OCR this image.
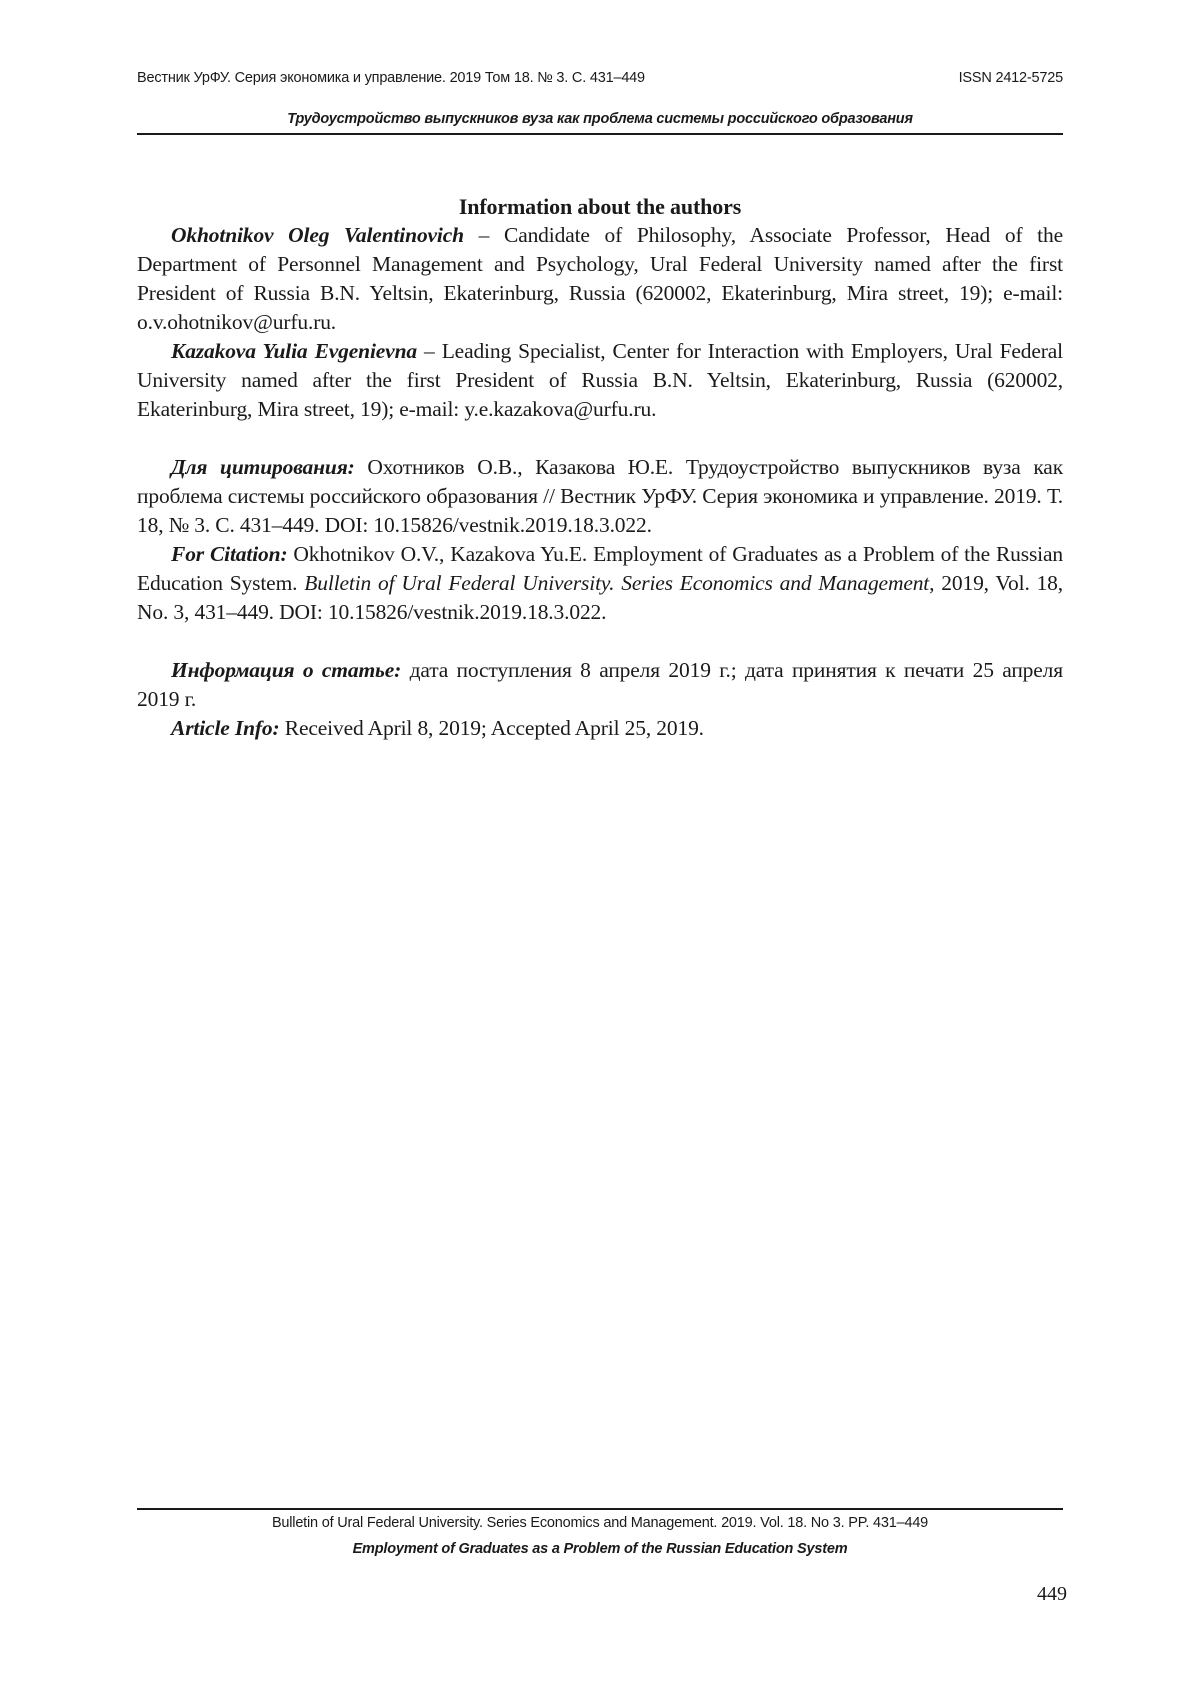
Вестник УрФУ. Серия экономика и управление. 2019 Том 18. № 3. С. 431–449	ISSN 2412-5725
Трудоустройство выпускников вуза как проблема системы российского образования

Information about the authors

Okhotnikov Oleg Valentinovich – Candidate of Philosophy, Associate Professor, Head of the Department of Personnel Management and Psychology, Ural Federal University named after the first President of Russia B.N. Yeltsin, Ekaterinburg, Russia (620002, Ekaterinburg, Mira street, 19); e-mail: o.v.ohotnikov@urfu.ru.

Kazakova Yulia Evgenievna – Leading Specialist, Center for Interaction with Employers, Ural Federal University named after the first President of Russia B.N. Yeltsin, Ekaterinburg, Russia (620002, Ekaterinburg, Mira street, 19); e-mail: y.e.kazakova@urfu.ru.

Для цитирования: Охотников О.В., Казакова Ю.Е. Трудоустройство выпускников вуза как проблема системы российского образования // Вестник УрФУ. Серия экономика и управление. 2019. Т. 18, № 3. С. 431–449. DOI: 10.15826/vestnik.2019.18.3.022.

For Citation: Okhotnikov O.V., Kazakova Yu.E. Employment of Graduates as a Problem of the Russian Education System. Bulletin of Ural Federal University. Series Economics and Management, 2019, Vol. 18, No. 3, 431–449. DOI: 10.15826/vestnik.2019.18.3.022.

Информация о статье: дата поступления 8 апреля 2019 г.; дата принятия к печати 25 апреля 2019 г.

Article Info: Received April 8, 2019; Accepted April 25, 2019.

Bulletin of Ural Federal University. Series Economics and Management. 2019. Vol. 18. No 3. PP. 431–449
Employment of Graduates as a Problem of the Russian Education System
449
